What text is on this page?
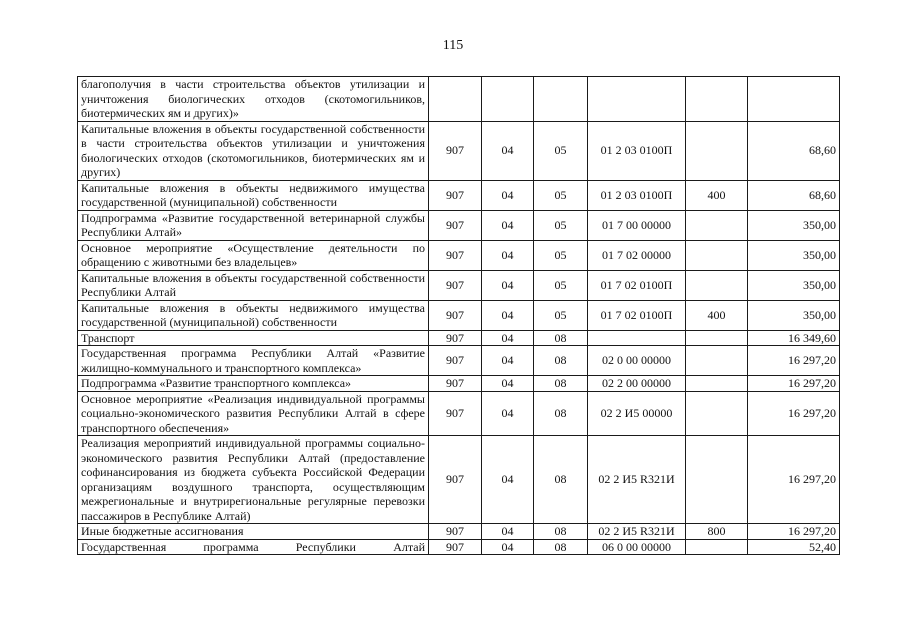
115
благополучия в части строительства объектов утилизации и уничтожения биологических отходов (скотомогильников, биотермических ям и других)»						
Капитальные вложения в объекты государственной собственности в части строительства объектов утилизации и уничтожения биологических отходов (скотомогильников, биотермических ям и других)	907	04	05	01 2 03 0100П		68,60
Капитальные вложения в объекты недвижимого имущества государственной (муниципальной) собственности	907	04	05	01 2 03 0100П	400	68,60
Подпрограмма «Развитие государственной ветеринарной службы Республики Алтай»	907	04	05	01 7 00 00000		350,00
Основное мероприятие «Осуществление деятельности по обращению с животными без владельцев»	907	04	05	01 7 02 00000		350,00
Капитальные вложения в объекты государственной собственности Республики Алтай	907	04	05	01 7 02 0100П		350,00
Капитальные вложения в объекты недвижимого имущества государственной (муниципальной) собственности	907	04	05	01 7 02 0100П	400	350,00
Транспорт	907	04	08			16 349,60
Государственная программа Республики Алтай «Развитие жилищно-коммунального и транспортного комплекса»	907	04	08	02 0 00 00000		16 297,20
Подпрограмма «Развитие транспортного комплекса»	907	04	08	02 2 00 00000		16 297,20
Основное мероприятие «Реализация индивидуальной программы социально-экономического развития Республики Алтай в сфере транспортного обеспечения»	907	04	08	02 2 И5 00000		16 297,20
Реализация мероприятий индивидуальной программы социально-экономического развития Республики Алтай (предоставление софинансирования из бюджета субъекта Российской Федерации организациям воздушного транспорта, осуществляющим межрегиональные и внутрирегиональные регулярные перевозки пассажиров в Республике Алтай)	907	04	08	02 2 И5 R321И		16 297,20
Иные бюджетные ассигнования	907	04	08	02 2 И5 R321И	800	16 297,20
Государственная программа Республики Алтай	907	04	08	06 0 00 00000		52,40
